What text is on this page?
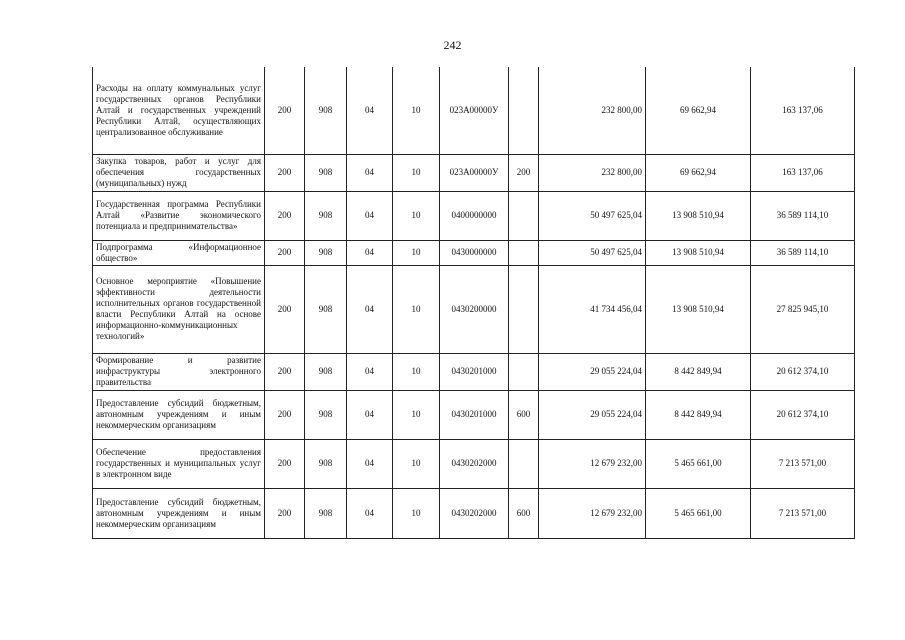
242
Расходы на оплату коммунальных услуг государственных органов Республики Алтай и государственных учреждений Республики Алтай, осуществляющих централизованное обслуживание	200	908	04	10	023A00000У		232 800,00	69 662,94	163 137,06
Закупка товаров, работ и услуг для обеспечения государственных (муниципальных) нужд	200	908	04	10	023A00000У	200	232 800,00	69 662,94	163 137,06
Государственная программа Республики Алтай «Развитие экономического потенциала и предпринимательства»	200	908	04	10	0400000000		50 497 625,04	13 908 510,94	36 589 114,10
Подпрограмма «Информационное общество»	200	908	04	10	0430000000		50 497 625,04	13 908 510,94	36 589 114,10
Основное мероприятие «Повышение эффективности деятельности исполнительных органов государственной власти Республики Алтай на основе информационно-коммуникационных технологий»	200	908	04	10	0430200000		41 734 456,04	13 908 510,94	27 825 945,10
Формирование и развитие инфраструктуры электронного правительства	200	908	04	10	0430201000		29 055 224,04	8 442 849,94	20 612 374,10
Предоставление субсидий бюджетным, автономным учреждениям и иным некоммерческим организациям	200	908	04	10	0430201000	600	29 055 224,04	8 442 849,94	20 612 374,10
Обеспечение предоставления государственных и муниципальных услуг в электронном виде	200	908	04	10	0430202000		12 679 232,00	5 465 661,00	7 213 571,00
Предоставление субсидий бюджетным, автономным учреждениям и иным некоммерческим организациям	200	908	04	10	0430202000	600	12 679 232,00	5 465 661,00	7 213 571,00
